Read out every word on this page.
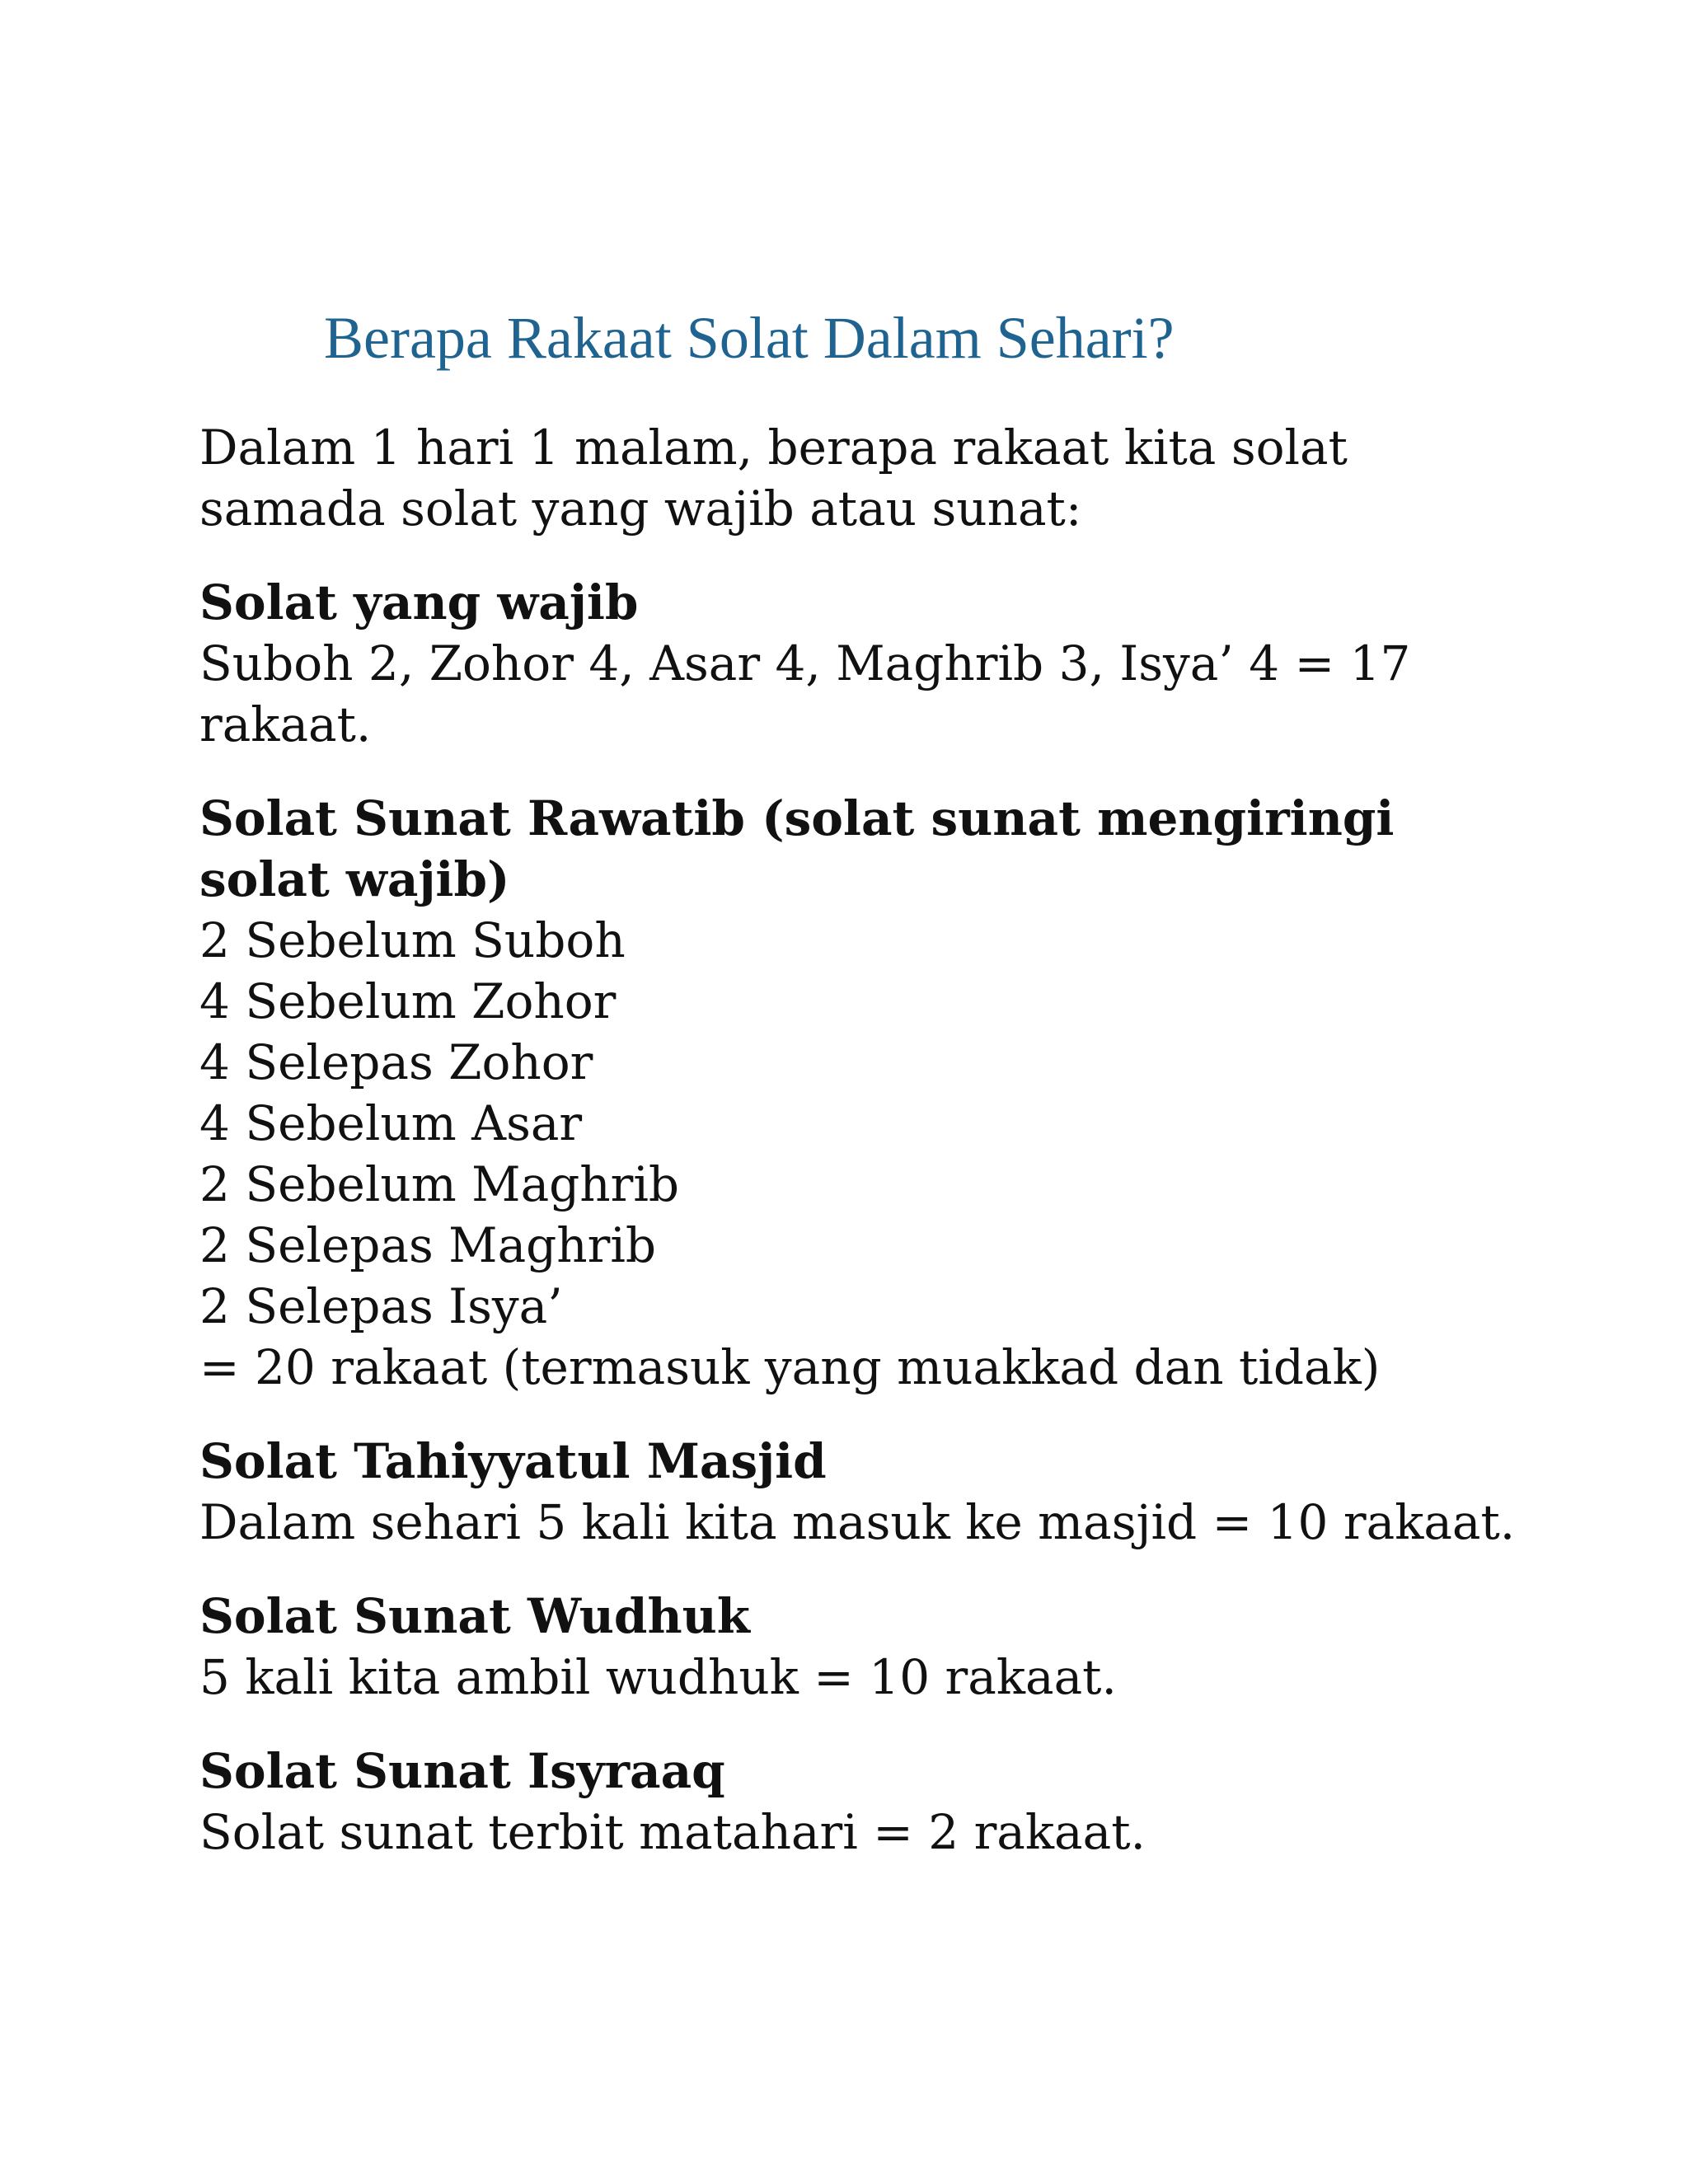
Berapa Rakaat Solat Dalam Sehari?
Dalam 1 hari 1 malam, berapa rakaat kita solat
samada solat yang wajib atau sunat:
Solat yang wajib
Suboh 2, Zohor 4, Asar 4, Maghrib 3, Isya’ 4 = 17
rakaat.
Solat Sunat Rawatib (solat sunat mengiringi
solat wajib)
2 Sebelum Suboh
4 Sebelum Zohor
4 Selepas Zohor
4 Sebelum Asar
2 Sebelum Maghrib
2 Selepas Maghrib
2 Selepas Isya’
= 20 rakaat (termasuk yang muakkad dan tidak)
Solat Tahiyyatul Masjid
Dalam sehari 5 kali kita masuk ke masjid = 10 rakaat.
Solat Sunat Wudhuk
5 kali kita ambil wudhuk = 10 rakaat.
Solat Sunat Isyraaq
Solat sunat terbit matahari = 2 rakaat.
